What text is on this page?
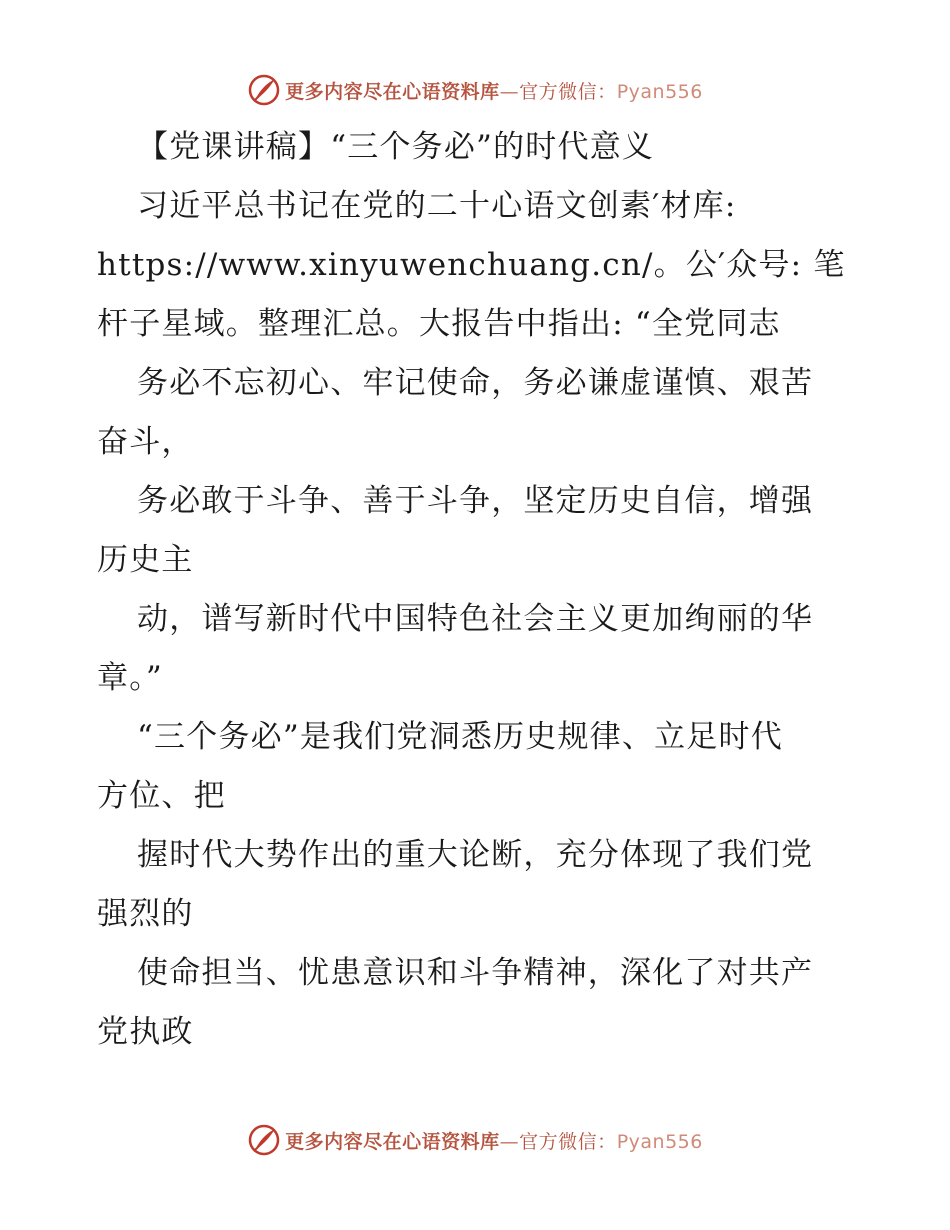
更多内容尽在心语资料库—官方微信：Pyan556
【党课讲稿】“三个务必”的时代意义
习近平总书记在党的二十心语文创素′材库:
https://www.xinyuwenchuang.cn/。公′众号: 笔
杆子星域。整理汇总。大报告中指出: “全党同志
务必不忘初心、牢记使命，务必谦虚谨慎、艰苦
奋斗，
务必敢于斗争、善于斗争，坚定历史自信，增强
历史主
动，谱写新时代中国特色社会主义更加绚丽的华
章。”
“三个务必”是我们党洞悉历史规律、立足时代
方位、把
握时代大势作出的重大论断，充分体现了我们党
强烈的
使命担当、忧患意识和斗争精神，深化了对共产
党执政
更多内容尽在心语资料库—官方微信：Pyan556
